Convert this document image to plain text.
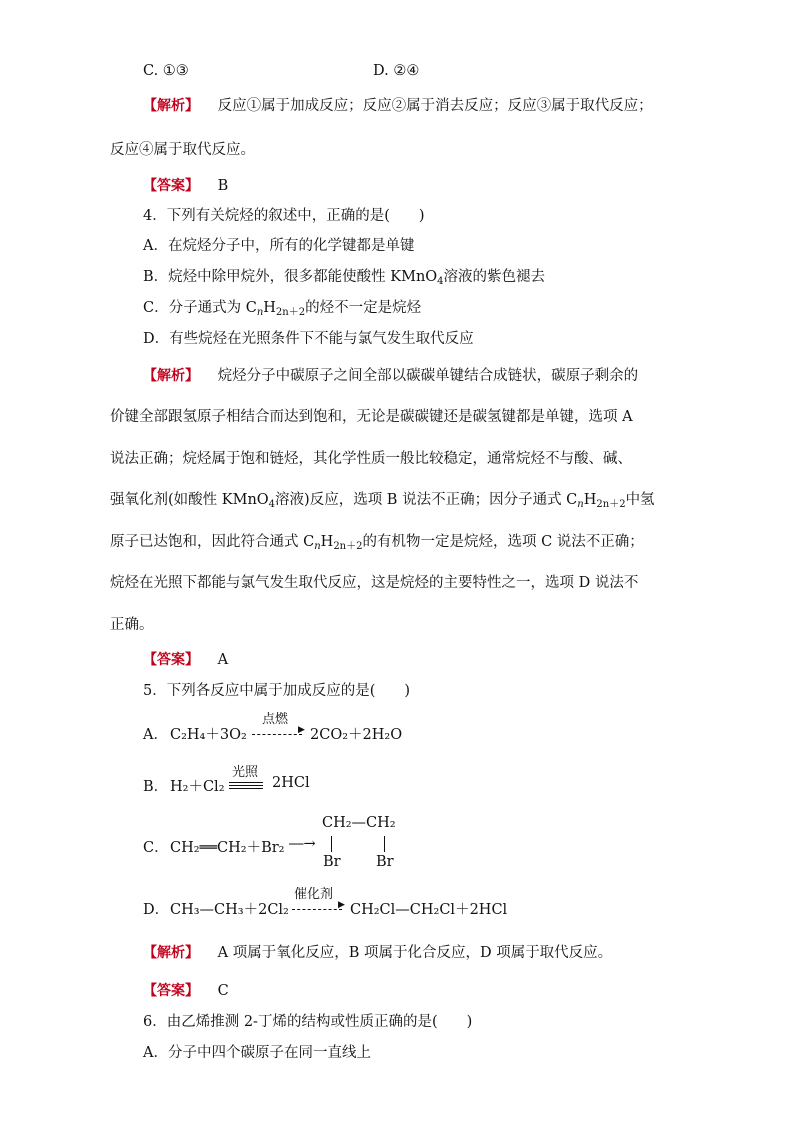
C. ①③	D. ②④
【解析】 反应①属于加成反应；反应②属于消去反应；反应③属于取代反应；
反应④属于取代反应。
【答案】 B
4．下列有关烷烃的叙述中，正确的是(　　)
A．在烷烃分子中，所有的化学键都是单键
B．烷烃中除甲烷外，很多都能使酸性 KMnO$_4$溶液的紫色褪去
C．分子通式为 $C_nH_{2n+2}$的烃不一定是烷烃
D．有些烷烃在光照条件下不能与氯气发生取代反应
【解析】 烷烃分子中碳原子之间全部以碳碳单键结合成链状，碳原子剩余的
价键全部跟氢原子相结合而达到饱和，无论是碳碳键还是碳氢键都是单键，选项 A
说法正确；烷烃属于饱和链烃，其化学性质一般比较稳定，通常烷烃不与酸、碱、
强氧化剂(如酸性 KMnO$_4$溶液)反应，选项 B 说法不正确；因分子通式 $C_nH_{2n+2}$中氢
原子已达饱和，因此符合通式 $C_nH_{2n+2}$的有机物一定是烷烃，选项 C 说法不正确；
烷烃在光照下都能与氯气发生取代反应，这是烷烃的主要特性之一，选项 D 说法不
正确。
【答案】 A
5．下列各反应中属于加成反应的是(　　)
A． C₂H₄＋3O₂
点燃
▶ 2CO₂＋2H₂O
B． H₂＋Cl₂
光照
2HCl
C． CH₂══CH₂＋Br₂ ―→
CH₂—CH₂
Br Br
D． CH₃—CH₃＋2Cl₂
催化剂
▶ CH₂Cl—CH₂Cl＋2HCl
【解析】 A 项属于氧化反应，B 项属于化合反应，D 项属于取代反应。
【答案】 C
6．由乙烯推测 2-丁烯的结构或性质正确的是(　　)
A．分子中四个碳原子在同一直线上
